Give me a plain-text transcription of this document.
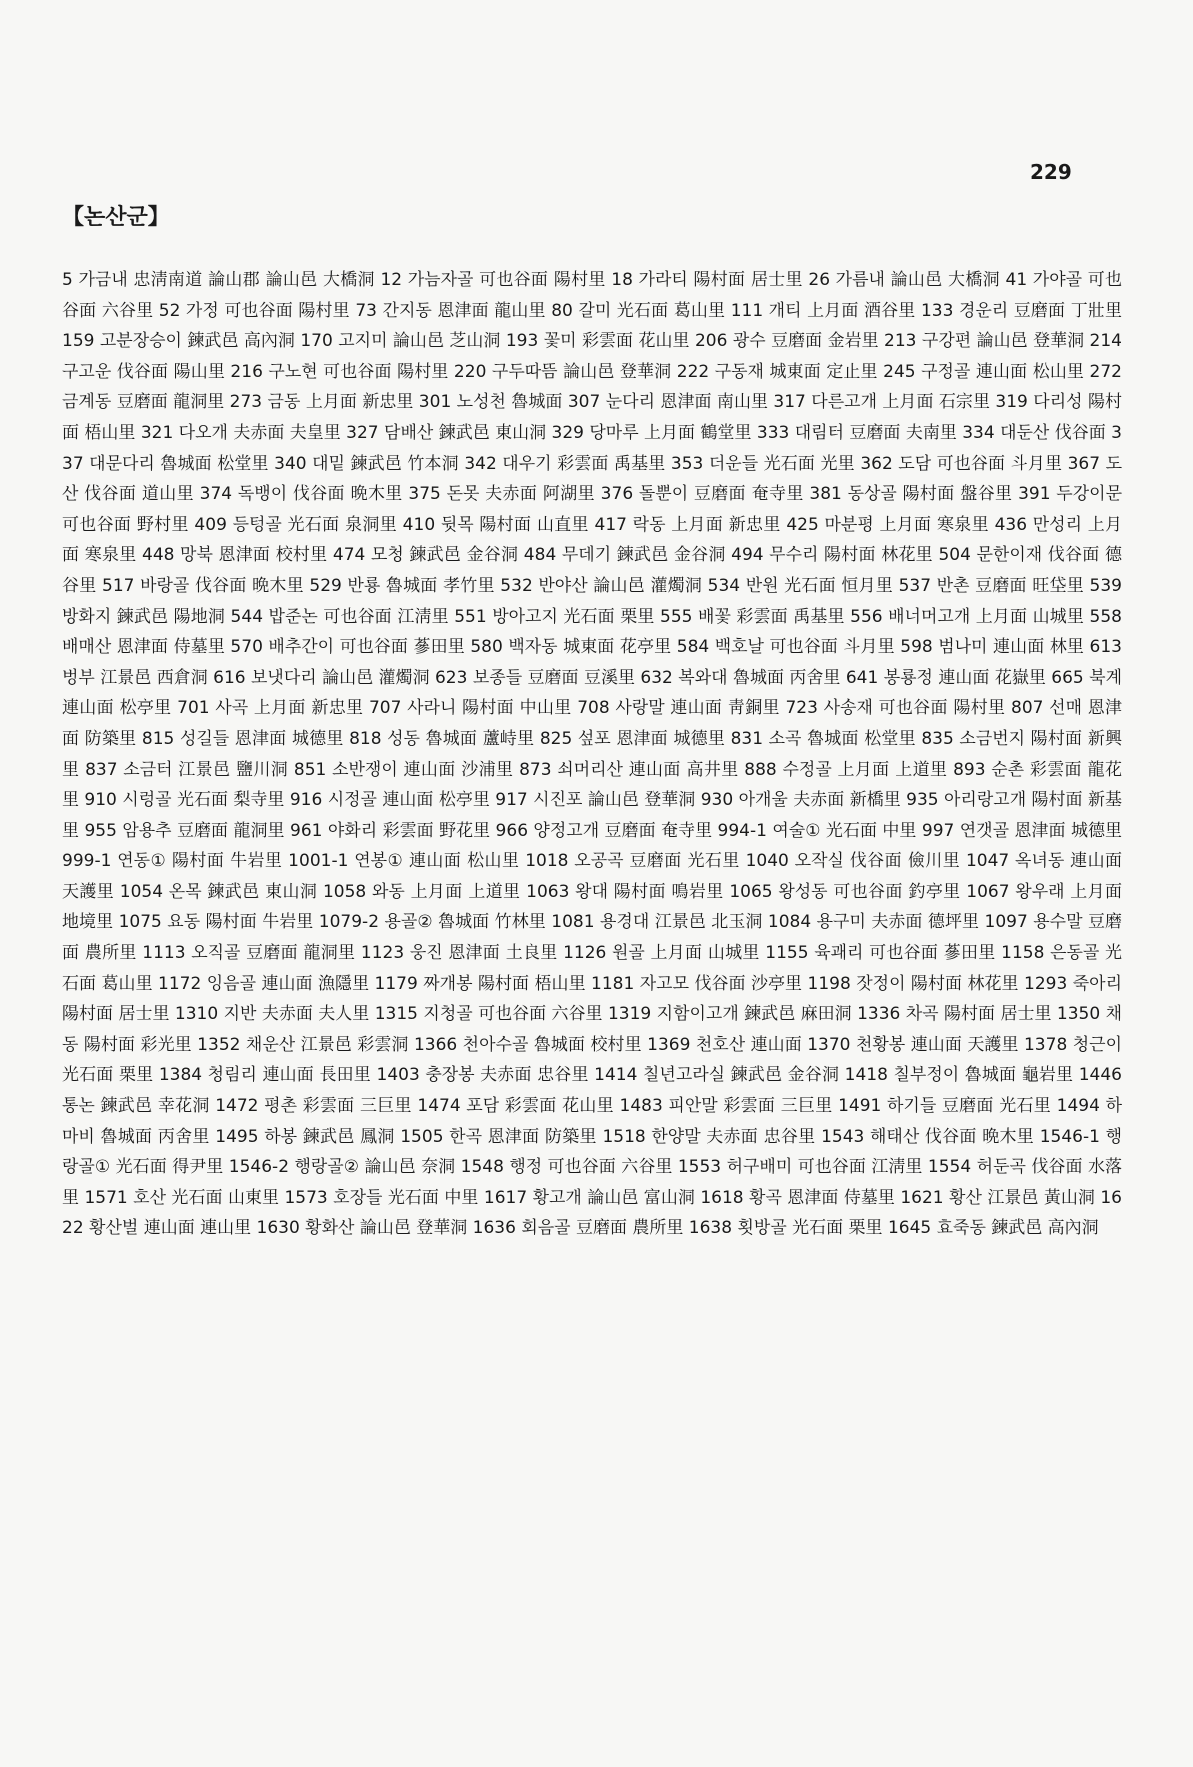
229
【논산군】
5 가금내 忠淸南道 論山郡 論山邑 大橋洞 12 가늠자골 可也谷面 陽村里 18 가라티 陽村面 居士里 26 가름내 論山邑 大橋洞 41 가야골 可也谷面 六谷里 52 가정 可也谷面 陽村里 73 간지동 恩津面 龍山里 80 갈미 光石面 葛山里 111 개티 上月面 酒谷里 133 경운리 豆磨面 丁壯里 159 고분장승이 鍊武邑 高內洞 170 고지미 論山邑 芝山洞 193 꽃미 彩雲面 花山里 206 광수 豆磨面 金岩里 213 구강편 論山邑 登華洞 214 구고운 伐谷面 陽山里 216 구노현 可也谷面 陽村里 220 구두따뜸 論山邑 登華洞 222 구동재 城東面 定止里 245 구정골 連山面 松山里 272 금계동 豆磨面 龍洞里 273 금동 上月面 新忠里 301 노성천 魯城面 307 눈다리 恩津面 南山里 317 다른고개 上月面 石宗里 319 다리성 陽村面 梧山里 321 다오개 夫赤面 夫皇里 327 담배산 鍊武邑 東山洞 329 당마루 上月面 鶴堂里 333 대림터 豆磨面 夫南里 334 대둔산 伐谷面 337 대문다리 魯城面 松堂里 340 대밑 鍊武邑 竹本洞 342 대우기 彩雲面 禹基里 353 더운들 光石面 光里 362 도담 可也谷面 斗月里 367 도산 伐谷面 道山里 374 독뱅이 伐谷面 晩木里 375 돈못 夫赤面 阿湖里 376 돌뿐이 豆磨面 奄寺里 381 동상골 陽村面 盤谷里 391 두강이문 可也谷面 野村里 409 등텅골 光石面 泉洞里 410 뒷목 陽村面 山直里 417 락동 上月面 新忠里 425 마분평 上月面 寒泉里 436 만성리 上月面 寒泉里 448 망북 恩津面 校村里 474 모청 鍊武邑 金谷洞 484 무데기 鍊武邑 金谷洞 494 무수리 陽村面 林花里 504 문한이재 伐谷面 德谷里 517 바랑골 伐谷面 晩木里 529 반룡 魯城面 孝竹里 532 반야산 論山邑 灌燭洞 534 반원 光石面 恒月里 537 반촌 豆磨面 旺垈里 539 방화지 鍊武邑 陽地洞 544 밥준논 可也谷面 江淸里 551 방아고지 光石面 栗里 555 배꽃 彩雲面 禹基里 556 배너머고개 上月面 山城里 558 배매산 恩津面 侍墓里 570 배추간이 可也谷面 蔘田里 580 백자동 城東面 花亭里 584 백호날 可也谷面 斗月里 598 범나미 連山面 林里 613 벙부 江景邑 西倉洞 616 보냇다리 論山邑 灌燭洞 623 보종들 豆磨面 豆溪里 632 복와대 魯城面 丙舍里 641 봉룡정 連山面 花嶽里 665 북계 連山面 松亭里 701 사곡 上月面 新忠里 707 사라니 陽村面 中山里 708 사랑말 連山面 靑銅里 723 사송재 可也谷面 陽村里 807 선매 恩津面 防築里 815 성길들 恩津面 城德里 818 성동 魯城面 蘆峙里 825 섶포 恩津面 城德里 831 소곡 魯城面 松堂里 835 소금번지 陽村面 新興里 837 소금터 江景邑 鹽川洞 851 소반쟁이 連山面 沙浦里 873 쇠머리산 連山面 高井里 888 수정골 上月面 上道里 893 순촌 彩雲面 龍花里 910 시렁골 光石面 梨寺里 916 시정골 連山面 松亭里 917 시진포 論山邑 登華洞 930 아개울 夫赤面 新橋里 935 아리랑고개 陽村面 新基里 955 암용추 豆磨面 龍洞里 961 야화리 彩雲面 野花里 966 양정고개 豆磨面 奄寺里 994-1 여술① 光石面 中里 997 연갯골 恩津面 城德里 999-1 연동① 陽村面 牛岩里 1001-1 연봉① 連山面 松山里 1018 오공곡 豆磨面 光石里 1040 오작실 伐谷面 儉川里 1047 옥녀동 連山面 天護里 1054 온목 鍊武邑 東山洞 1058 와동 上月面 上道里 1063 왕대 陽村面 鳴岩里 1065 왕성동 可也谷面 釣亭里 1067 왕우래 上月面 地境里 1075 요동 陽村面 牛岩里 1079-2 용골② 魯城面 竹林里 1081 용경대 江景邑 北玉洞 1084 용구미 夫赤面 德坪里 1097 용수말 豆磨面 農所里 1113 오직골 豆磨面 龍洞里 1123 웅진 恩津面 土良里 1126 원골 上月面 山城里 1155 육괘리 可也谷面 蔘田里 1158 은동골 光石面 葛山里 1172 잉음골 連山面 漁隱里 1179 짜개봉 陽村面 梧山里 1181 자고모 伐谷面 沙亭里 1198 잣정이 陽村面 林花里 1293 죽아리 陽村面 居士里 1310 지반 夫赤面 夫人里 1315 지청골 可也谷面 六谷里 1319 지함이고개 鍊武邑 麻田洞 1336 차곡 陽村面 居士里 1350 채동 陽村面 彩光里 1352 채운산 江景邑 彩雲洞 1366 천아수골 魯城面 校村里 1369 천호산 連山面 1370 천황봉 連山面 天護里 1378 청근이 光石面 栗里 1384 청림리 連山面 長田里 1403 충장봉 夫赤面 忠谷里 1414 칠년고라실 鍊武邑 金谷洞 1418 칠부정이 魯城面 龜岩里 1446 통논 鍊武邑 幸花洞 1472 평촌 彩雲面 三巨里 1474 포담 彩雲面 花山里 1483 피안말 彩雲面 三巨里 1491 하기들 豆磨面 光石里 1494 하마비 魯城面 丙舍里 1495 하봉 鍊武邑 鳳洞 1505 한곡 恩津面 防築里 1518 한양말 夫赤面 忠谷里 1543 해태산 伐谷面 晩木里 1546-1 행랑골① 光石面 得尹里 1546-2 행랑골② 論山邑 奈洞 1548 행정 可也谷面 六谷里 1553 허구배미 可也谷面 江淸里 1554 허둔곡 伐谷面 水落里 1571 호산 光石面 山東里 1573 호장들 光石面 中里 1617 황고개 論山邑 富山洞 1618 황곡 恩津面 侍墓里 1621 황산 江景邑 黃山洞 1622 황산벌 連山面 連山里 1630 황화산 論山邑 登華洞 1636 회음골 豆磨面 農所里 1638 횟방골 光石面 栗里 1645 효죽동 鍊武邑 高內洞
